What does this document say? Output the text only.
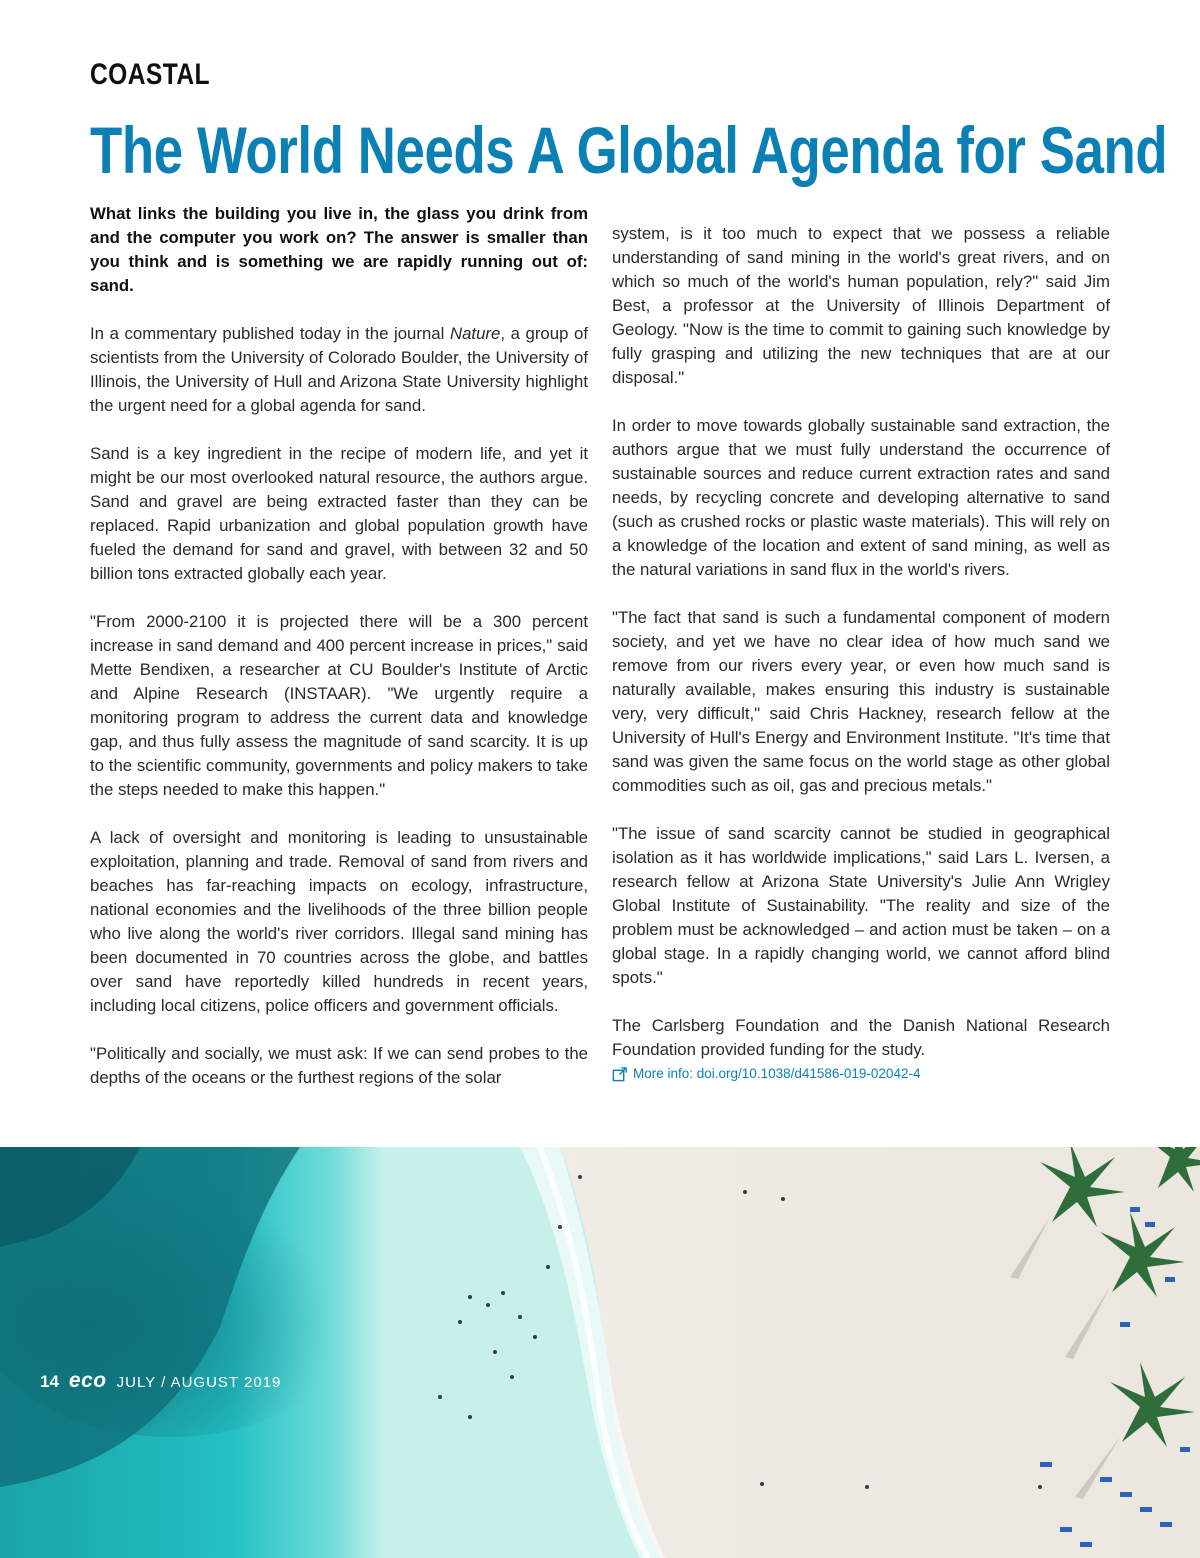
COASTAL
The World Needs A Global Agenda for Sand

What links the building you live in, the glass you drink from and the computer you work on? The answer is smaller than you think and is something we are rapidly running out of: sand.

In a commentary published today in the journal Nature, a group of scientists from the University of Colorado Boulder, the University of Illinois, the University of Hull and Arizona State University highlight the urgent need for a global agenda for sand.

Sand is a key ingredient in the recipe of modern life, and yet it might be our most overlooked natural resource, the authors argue. Sand and gravel are being extracted faster than they can be replaced. Rapid urbanization and global population growth have fueled the demand for sand and gravel, with between 32 and 50 billion tons extracted globally each year.

"From 2000-2100 it is projected there will be a 300 percent increase in sand demand and 400 percent increase in prices," said Mette Bendixen, a researcher at CU Boulder's Institute of Arctic and Alpine Research (INSTAAR). "We urgently require a monitoring program to address the current data and knowledge gap, and thus fully assess the magnitude of sand scarcity. It is up to the scientific community, governments and policy makers to take the steps needed to make this happen."

A lack of oversight and monitoring is leading to unsustainable exploitation, planning and trade. Removal of sand from rivers and beaches has far-reaching impacts on ecology, infrastructure, national economies and the livelihoods of the three billion people who live along the world's river corridors. Illegal sand mining has been documented in 70 countries across the globe, and battles over sand have reportedly killed hundreds in recent years, including local citizens, police officers and government officials.

"Politically and socially, we must ask: If we can send probes to the depths of the oceans or the furthest regions of the solar

system, is it too much to expect that we possess a reliable understanding of sand mining in the world's great rivers, and on which so much of the world's human population, rely?" said Jim Best, a professor at the University of Illinois Department of Geology. "Now is the time to commit to gaining such knowledge by fully grasping and utilizing the new techniques that are at our disposal."

In order to move towards globally sustainable sand extraction, the authors argue that we must fully understand the occurrence of sustainable sources and reduce current extraction rates and sand needs, by recycling concrete and developing alternative to sand (such as crushed rocks or plastic waste materials). This will rely on a knowledge of the location and extent of sand mining, as well as the natural variations in sand flux in the world's rivers.

"The fact that sand is such a fundamental component of modern society, and yet we have no clear idea of how much sand we remove from our rivers every year, or even how much sand is naturally available, makes ensuring this industry is sustainable very, very difficult," said Chris Hackney, research fellow at the University of Hull's Energy and Environment Institute. "It's time that sand was given the same focus on the world stage as other global commodities such as oil, gas and precious metals."

"The issue of sand scarcity cannot be studied in geographical isolation as it has worldwide implications," said Lars L. Iversen, a research fellow at Arizona State University's Julie Ann Wrigley Global Institute of Sustainability. "The reality and size of the problem must be acknowledged – and action must be taken – on a global stage. In a rapidly changing world, we cannot afford blind spots."

The Carlsberg Foundation and the Danish National Research Foundation provided funding for the study.

More info: doi.org/10.1038/d41586-019-02042-4
14 eco JULY / AUGUST 2019
